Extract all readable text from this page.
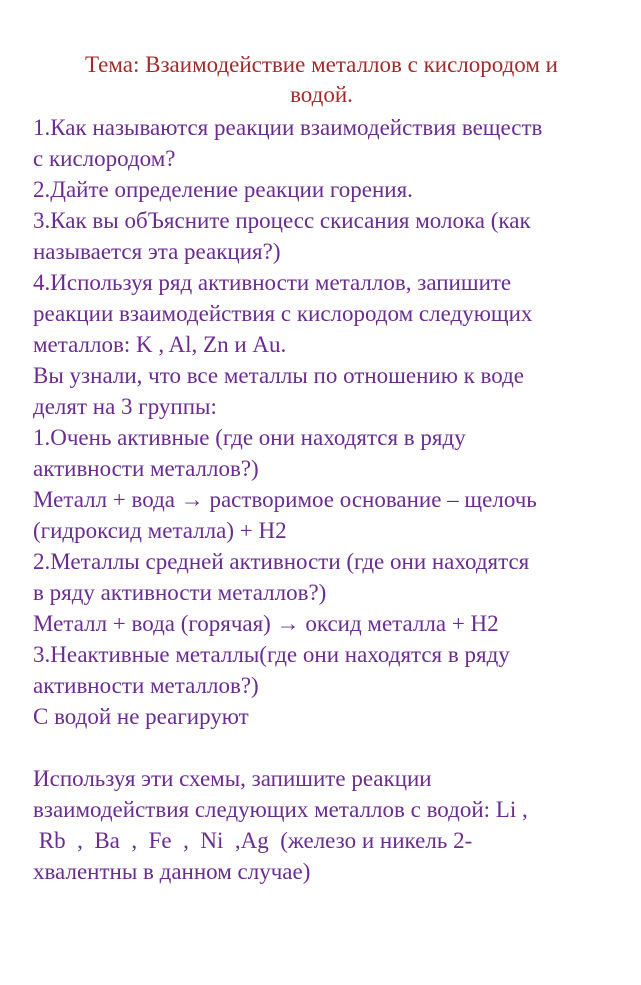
Тема: Взаимодействие металлов с кислородом и
водой.
1.Как называются реакции взаимодействия веществ
с кислородом?
2.Дайте определение реакции горения.
3.Как вы обЪясните процесс скисания молока (как
называется эта реакция?)
4.Используя ряд активности металлов, запишите
реакции взаимодействия с кислородом следующих
металлов: K , Al, Zn и Au.
Вы узнали, что все металлы по отношению к воде
делят на 3 группы:
1.Очень активные (где они находятся в ряду
активности металлов?)
Металл + вода → растворимое основание – щелочь
(гидроксид металла) + H2
2.Металлы средней активности (где они находятся
в ряду активности металлов?)
Металл + вода (горячая) → оксид металла + H2
3.Неактивные металлы(где они находятся в ряду
активности металлов?)
С водой не реагируют
Используя эти схемы, запишите реакции
взаимодействия следующих металлов с водой: Li ,
Rb  ,  Ba  ,  Fe  ,  Ni  ,Ag  (железо и никель 2-
хвалентны в данном случае)
